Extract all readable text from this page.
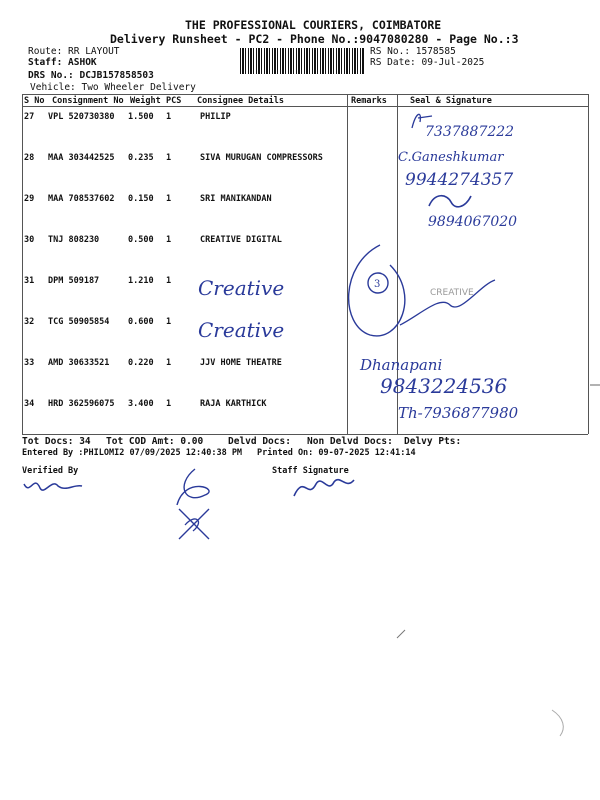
THE PROFESSIONAL COURIERS, COIMBATORE
Delivery Runsheet - PC2 - Phone No.:9047080280 - Page No.:3
Route: RR LAYOUT
Staff: ASHOK
DRS No.: DCJB157858503
Vehicle: Two Wheeler Delivery
RS No.: 1578585
RS Date: 09-Jul-2025
S No Consignment No Weight PCS Consignee Details	Remarks	Seal & Signature
27 VPL 520730380 1.500 1	PHILIP
28 MAA 303442525 0.235 1	SIVA MURUGAN COMPRESSORS
29 MAA 708537602 0.150 1	SRI MANIKANDAN
30 TNJ 808230	0.500 1	CREATIVE DIGITAL
31 DPM 509187	1.210 1
32 TCG 50905854 0.600 1
33 AMD 30633521 0.220 1	JJV HOME THEATRE
34 HRD 362596075 3.400 1	RAJA KARTHICK
7337887222
C.Ganeshkumar
9944274357
9894067020
3
CREATIVE
Creative
Creative
Dhanapani
9843224536
Th-7936877980
Tot Docs: 34 Tot COD Amt: 0.00	Delvd Docs: Non Delvd Docs: Delvy Pts:
Entered By :PHILOMI2 07/09/2025 12:40:38 PM Printed On: 09-07-2025 12:41:14
Verified By	Staff Signature
